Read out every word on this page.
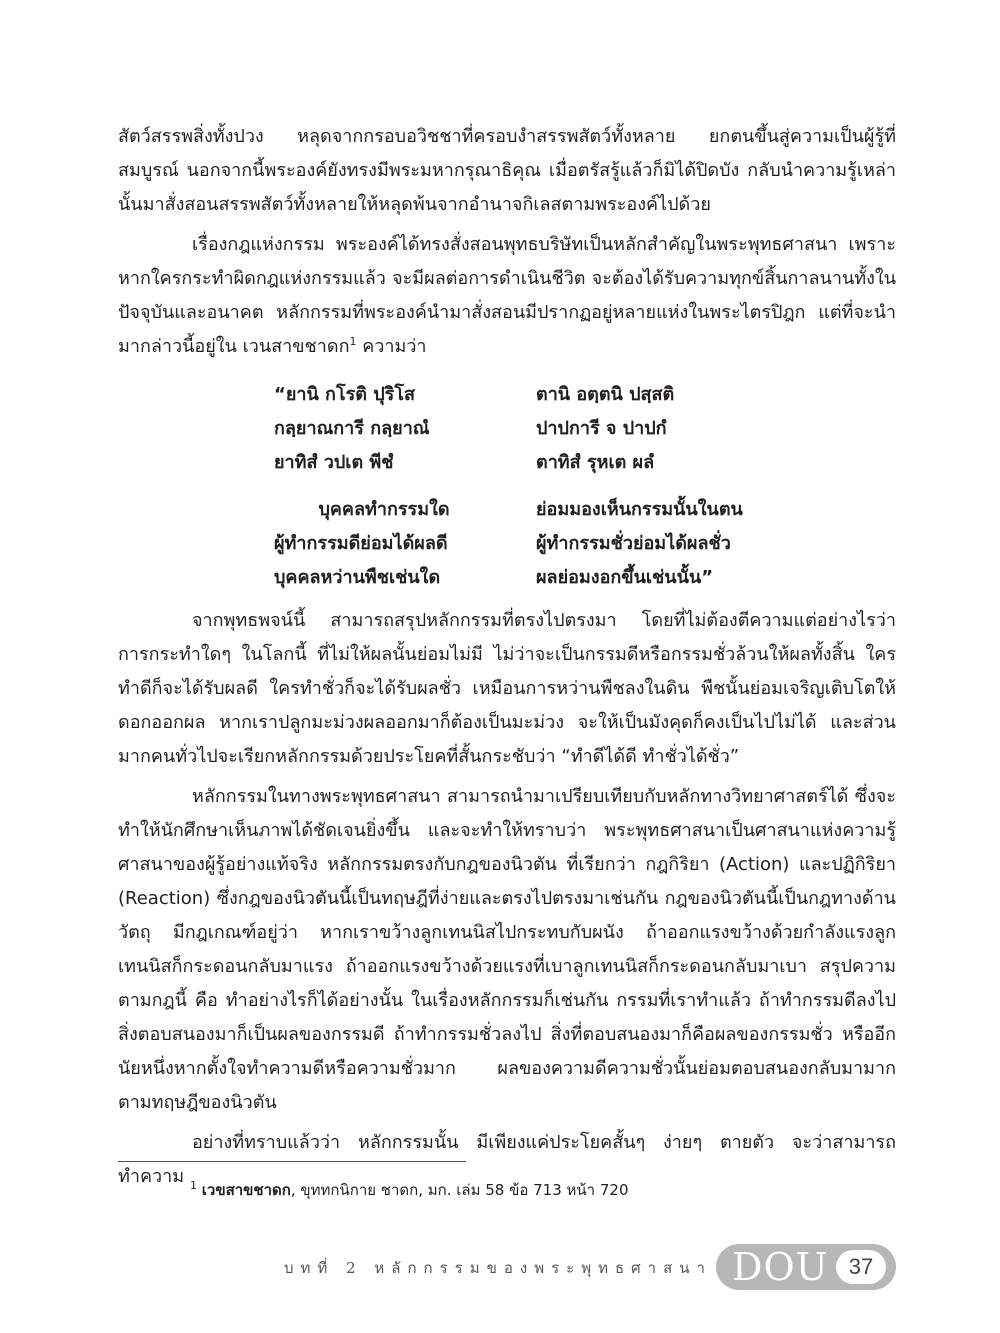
สัตว์สรรพสิ่งทั้งปวง หลุดจากกรอบอวิชชาที่ครอบงำสรรพสัตว์ทั้งหลาย ยกตนขึ้นสู่ความเป็นผู้รู้ที่สมบูรณ์ นอกจากนี้พระองค์ยังทรงมีพระมหากรุณาธิคุณ เมื่อตรัสรู้แล้วก็มิได้ปิดบัง กลับนำความรู้เหล่านั้นมาสั่งสอนสรรพสัตว์ทั้งหลายให้หลุดพ้นจากอำนาจกิเลสตามพระองค์ไปด้วย

เรื่องกฎแห่งกรรม พระองค์ได้ทรงสั่งสอนพุทธบริษัทเป็นหลักสำคัญในพระพุทธศาสนา เพราะหากใครกระทำผิดกฎแห่งกรรมแล้ว จะมีผลต่อการดำเนินชีวิต จะต้องได้รับความทุกข์สิ้นกาลนานทั้งในปัจจุบันและอนาคต หลักกรรมที่พระองค์นำมาสั่งสอนมีปรากฏอยู่หลายแห่งในพระไตรปิฎก แต่ที่จะนำมากล่าวนี้อยู่ใน เวนสาขชาดก$^1$ ความว่า

“ยานิ กโรติ ปุริโส	ตานิ อตฺตนิ ปสฺสติ
กลฺยาณการี กลฺยาณํ	ปาปการี จ ปาปกํ
ยาทิสํ วปเต พีชํ	ตาทิสํ รุหเต ผลํ
บุคคลทำกรรมใด	ย่อมมองเห็นกรรมนั้นในตน
ผู้ทำกรรมดีย่อมได้ผลดี	ผู้ทำกรรมชั่วย่อมได้ผลชั่ว
บุคคลหว่านพืชเช่นใด	ผลย่อมงอกขึ้นเช่นนั้น”

จากพุทธพจน์นี้ สามารถสรุปหลักกรรมที่ตรงไปตรงมา โดยที่ไม่ต้องตีความแต่อย่างไรว่า การกระทำใดๆ ในโลกนี้ ที่ไม่ให้ผลนั้นย่อมไม่มี ไม่ว่าจะเป็นกรรมดีหรือกรรมชั่วล้วนให้ผลทั้งสิ้น ใครทำดีก็จะได้รับผลดี ใครทำชั่วก็จะได้รับผลชั่ว เหมือนการหว่านพืชลงในดิน พืชนั้นย่อมเจริญเติบโตให้ดอกออกผล หากเราปลูกมะม่วงผลออกมาก็ต้องเป็นมะม่วง จะให้เป็นมังคุดก็คงเป็นไปไม่ได้ และส่วนมากคนทั่วไปจะเรียกหลักกรรมด้วยประโยคที่สั้นกระชับว่า “ทำดีได้ดี ทำชั่วได้ชั่ว”

หลักกรรมในทางพระพุทธศาสนา สามารถนำมาเปรียบเทียบกับหลักทางวิทยาศาสตร์ได้ ซึ่งจะทำให้นักศึกษาเห็นภาพได้ชัดเจนยิ่งขึ้น และจะทำให้ทราบว่า พระพุทธศาสนาเป็นศาสนาแห่งความรู้ ศาสนาของผู้รู้อย่างแท้จริง หลักกรรมตรงกับกฎของนิวตัน ที่เรียกว่า กฎกิริยา (Action) และปฏิกิริยา (Reaction) ซึ่งกฎของนิวตันนี้เป็นทฤษฎีที่ง่ายและตรงไปตรงมาเช่นกัน กฎของนิวตันนี้เป็นกฎทางด้านวัตถุ มีกฎเกณฑ์อยู่ว่า หากเราขว้างลูกเทนนิสไปกระทบกับผนัง ถ้าออกแรงขว้างด้วยกำลังแรงลูกเทนนิสก็กระดอนกลับมาแรง ถ้าออกแรงขว้างด้วยแรงที่เบาลูกเทนนิสก็กระดอนกลับมาเบา สรุปความตามกฎนี้ คือ ทำอย่างไรก็ได้อย่างนั้น ในเรื่องหลักกรรมก็เช่นกัน กรรมที่เราทำแล้ว ถ้าทำกรรมดีลงไป สิ่งตอบสนองมาก็เป็นผลของกรรมดี ถ้าทำกรรมชั่วลงไป สิ่งที่ตอบสนองมาก็คือผลของกรรมชั่ว หรืออีกนัยหนึ่งหากตั้งใจทำความดีหรือความชั่วมาก ผลของความดีความชั่วนั้นย่อมตอบสนองกลับมามาก ตามทฤษฎีของนิวตัน

อย่างที่ทราบแล้วว่า หลักกรรมนั้น มีเพียงแค่ประโยคสั้นๆ ง่ายๆ ตายตัว จะว่าสามารถทำความ $^1$ เวขสาขชาดก, ขุททกนิกาย ชาดก, มก. เล่ม 58 ข้อ 713 หน้า 720
บทที่ 2 หลักกรรมของพระพุทธศาสนา DOU 37
